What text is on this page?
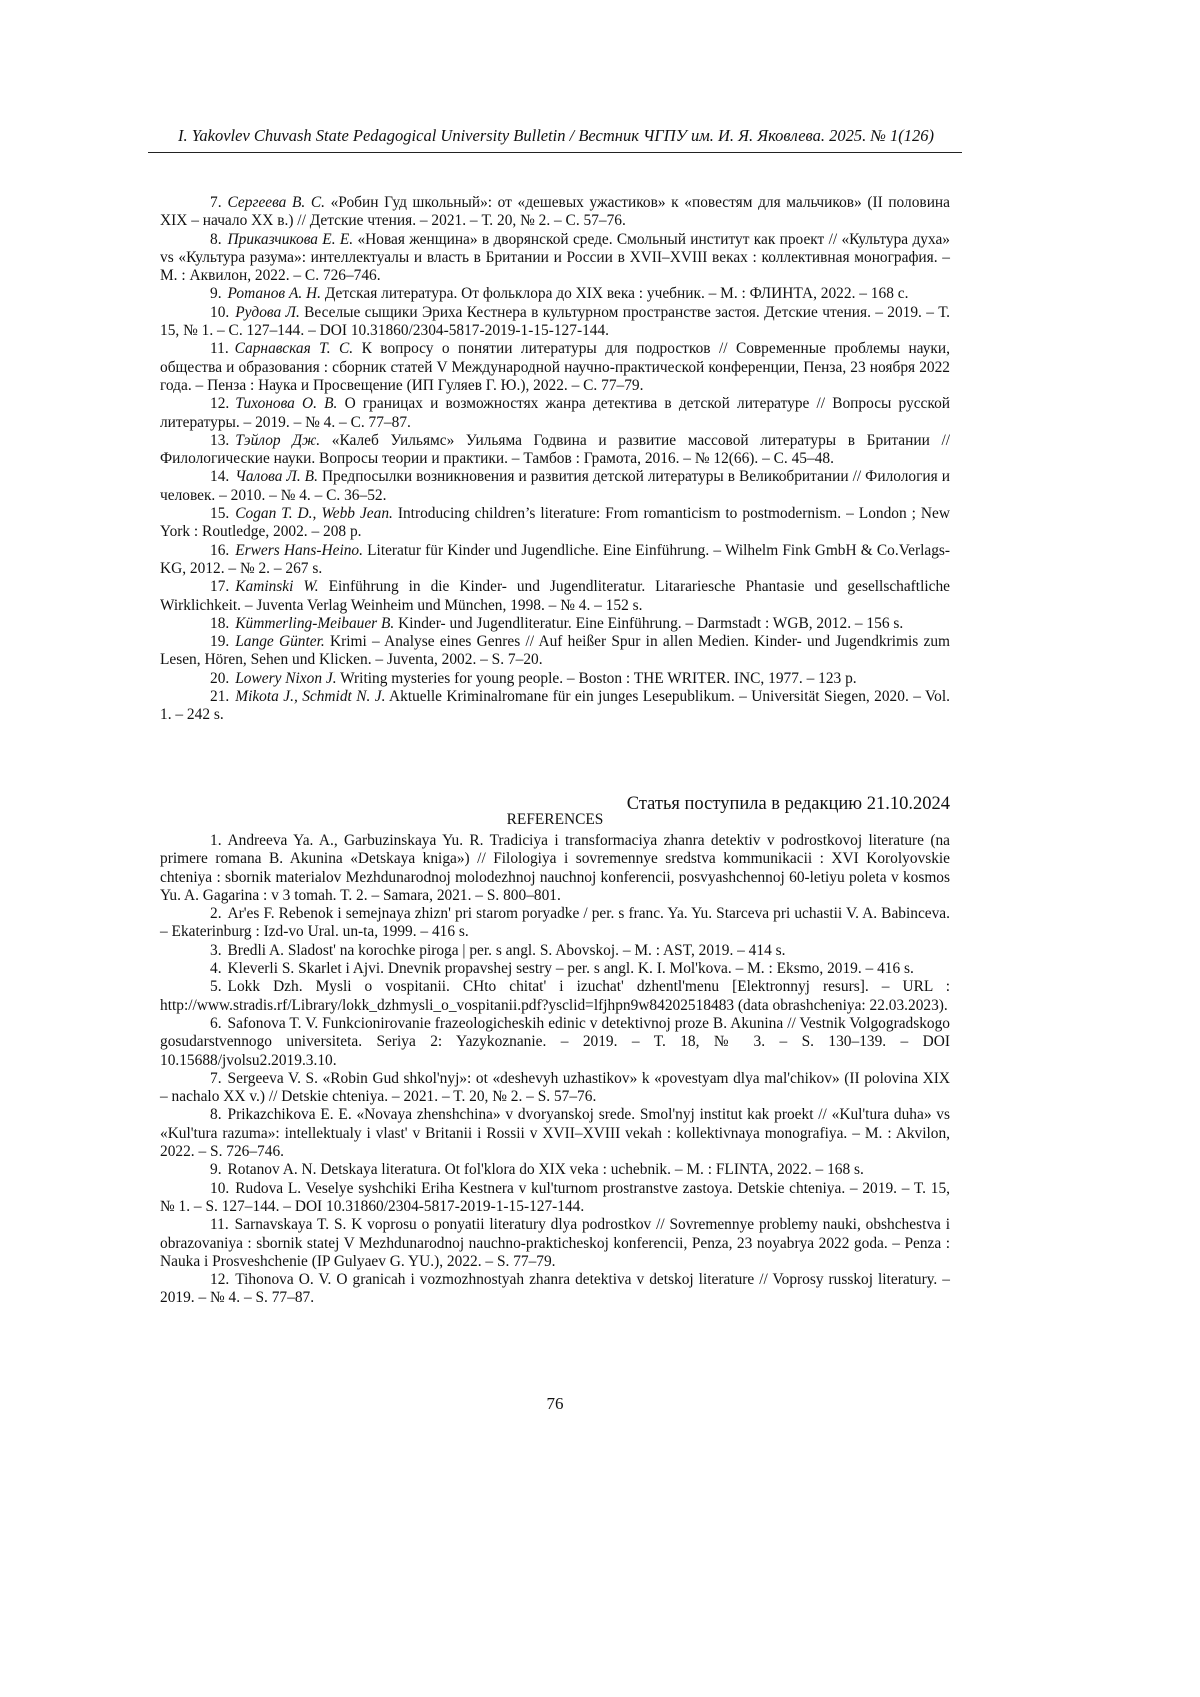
I. Yakovlev Chuvash State Pedagogical University Bulletin / Вестник ЧГПУ им. И. Я. Яковлева. 2025. № 1(126)

7. Сергеева В. С. «Робин Гуд школьный»: от «дешевых ужастиков» к «повестям для мальчиков» (II половина XIX – начало XX в.) // Детские чтения. – 2021. – Т. 20, № 2. – С. 57–76.

8. Приказчикова Е. Е. «Новая женщина» в дворянской среде. Смольный институт как проект // «Культура духа» vs «Культура разума»: интеллектуалы и власть в Британии и России в XVII–XVIII веках : коллективная монография. – М. : Аквилон, 2022. – С. 726–746.

9. Ротанов А. Н. Детская литература. От фольклора до XIX века : учебник. – М. : ФЛИНТА, 2022. – 168 с.

10. Рудова Л. Веселые сыщики Эриха Кестнера в культурном пространстве застоя. Детские чтения. – 2019. – Т. 15, № 1. – С. 127–144. – DOI 10.31860/2304-5817-2019-1-15-127-144.

11. Сарнавская Т. С. К вопросу о понятии литературы для подростков // Современные проблемы науки, общества и образования : сборник статей V Международной научно-практической конференции, Пенза, 23 ноября 2022 года. – Пенза : Наука и Просвещение (ИП Гуляев Г. Ю.), 2022. – С. 77–79.

12. Тихонова О. В. О границах и возможностях жанра детектива в детской литературе // Вопросы русской литературы. – 2019. – № 4. – С. 77–87.

13. Тэйлор Дж. «Калеб Уильямс» Уильяма Годвина и развитие массовой литературы в Британии // Филологические науки. Вопросы теории и практики. – Тамбов : Грамота, 2016. – № 12(66). – С. 45–48.

14. Чалова Л. В. Предпосылки возникновения и развития детской литературы в Великобритании // Филология и человек. – 2010. – № 4. – С. 36–52.

15. Cogan T. D., Webb Jean. Introducing children’s literature: From romanticism to postmodernism. – London ; New York : Routledge, 2002. – 208 p.

16. Erwers Hans-Heino. Literatur für Kinder und Jugendliche. Eine Einführung. – Wilhelm Fink GmbH & Co.Verlags-KG, 2012. – № 2. – 267 s.

17. Kaminski W. Einführung in die Kinder- und Jugendliteratur. Litarariesche Phantasie und gesellschaftliche Wirklichkeit. – Juventa Verlag Weinheim und München, 1998. – № 4. – 152 s.

18. Kümmerling-Meibauer B. Kinder- und Jugendliteratur. Eine Einführung. – Darmstadt : WGB, 2012. – 156 s.

19. Lange Günter. Krimi – Analyse eines Genres // Auf heißer Spur in allen Medien. Kinder- und Jugendkrimis zum Lesen, Hören, Sehen und Klicken. – Juventa, 2002. – S. 7–20.

20. Lowery Nixon J. Writing mysteries for young people. – Boston : THE WRITER. INC, 1977. – 123 p.

21. Mikota J., Schmidt N. J. Aktuelle Kriminalromane für ein junges Lesepublikum. – Universität Siegen, 2020. – Vol. 1. – 242 s.

Статья поступила в редакцию 21.10.2024
REFERENCES

1. Andreeva Ya. A., Garbuzinskaya Yu. R. Tradiciya i transformaciya zhanra detektiv v podrostkovoj literature (na primere romana B. Akunina «Detskaya kniga») // Filologiya i sovremennye sredstva kommunikacii : XVI Korolyovskie chteniya : sbornik materialov Mezhdunarodnoj molodezhnoj nauchnoj konferencii, posvyashchennoj 60-letiyu poleta v kosmos Yu. A. Gagarina : v 3 tomah. T. 2. – Samara, 2021. – S. 800–801.

2. Ar'es F. Rebenok i semejnaya zhizn' pri starom poryadke / per. s franc. Ya. Yu. Starceva pri uchastii V. A. Babinceva. – Ekaterinburg : Izd-vo Ural. un-ta, 1999. – 416 s.

3. Bredli A. Sladost' na korochke piroga | per. s angl. S. Abovskoj. – M. : AST, 2019. – 414 s.

4. Kleverli S. Skarlet i Ajvi. Dnevnik propavshej sestry – per. s angl. K. I. Mol'kova. – M. : Eksmo, 2019. – 416 s.

5. Lokk Dzh. Mysli o vospitanii. CHto chitat' i izuchat' dzhentl'menu [Elektronnyj resurs]. – URL : http://www.stradis.rf/Library/lokk_dzhmysli_o_vospitanii.pdf?ysclid=lfjhpn9w84202518483 (data obrashcheniya: 22.03.2023).

6. Safonova T. V. Funkcionirovanie frazeologicheskih edinic v detektivnoj proze B. Akunina // Vestnik Volgogradskogo gosudarstvennogo universiteta. Seriya 2: Yazykoznanie. – 2019. – T. 18, № 3. – S. 130–139. – DOI 10.15688/jvolsu2.2019.3.10.

7. Sergeeva V. S. «Robin Gud shkol'nyj»: ot «deshevyh uzhastikov» k «povestyam dlya mal'chikov» (II polovina XIX – nachalo XX v.) // Detskie chteniya. – 2021. – T. 20, № 2. – S. 57–76.

8. Prikazchikova E. E. «Novaya zhenshchina» v dvoryanskoj srede. Smol'nyj institut kak proekt // «Kul'tura duha» vs «Kul'tura razuma»: intellektualy i vlast' v Britanii i Rossii v XVII–XVIII vekah : kollektivnaya monografiya. – M. : Akvilon, 2022. – S. 726–746.

9. Rotanov A. N. Detskaya literatura. Ot fol'klora do XIX veka : uchebnik. – M. : FLINTA, 2022. – 168 s.

10. Rudova L. Veselye syshchiki Eriha Kestnera v kul'turnom prostranstve zastoya. Detskie chteniya. – 2019. – T. 15, № 1. – S. 127–144. – DOI 10.31860/2304-5817-2019-1-15-127-144.

11. Sarnavskaya T. S. K voprosu o ponyatii literatury dlya podrostkov // Sovremennye problemy nauki, obshchestva i obrazovaniya : sbornik statej V Mezhdunarodnoj nauchno-prakticheskoj konferencii, Penza, 23 noyabrya 2022 goda. – Penza : Nauka i Prosveshchenie (IP Gulyaev G. YU.), 2022. – S. 77–79.

12. Tihonova O. V. O granicah i vozmozhnostyah zhanra detektiva v detskoj literature // Voprosy russkoj literatury. – 2019. – № 4. – S. 77–87.

76
